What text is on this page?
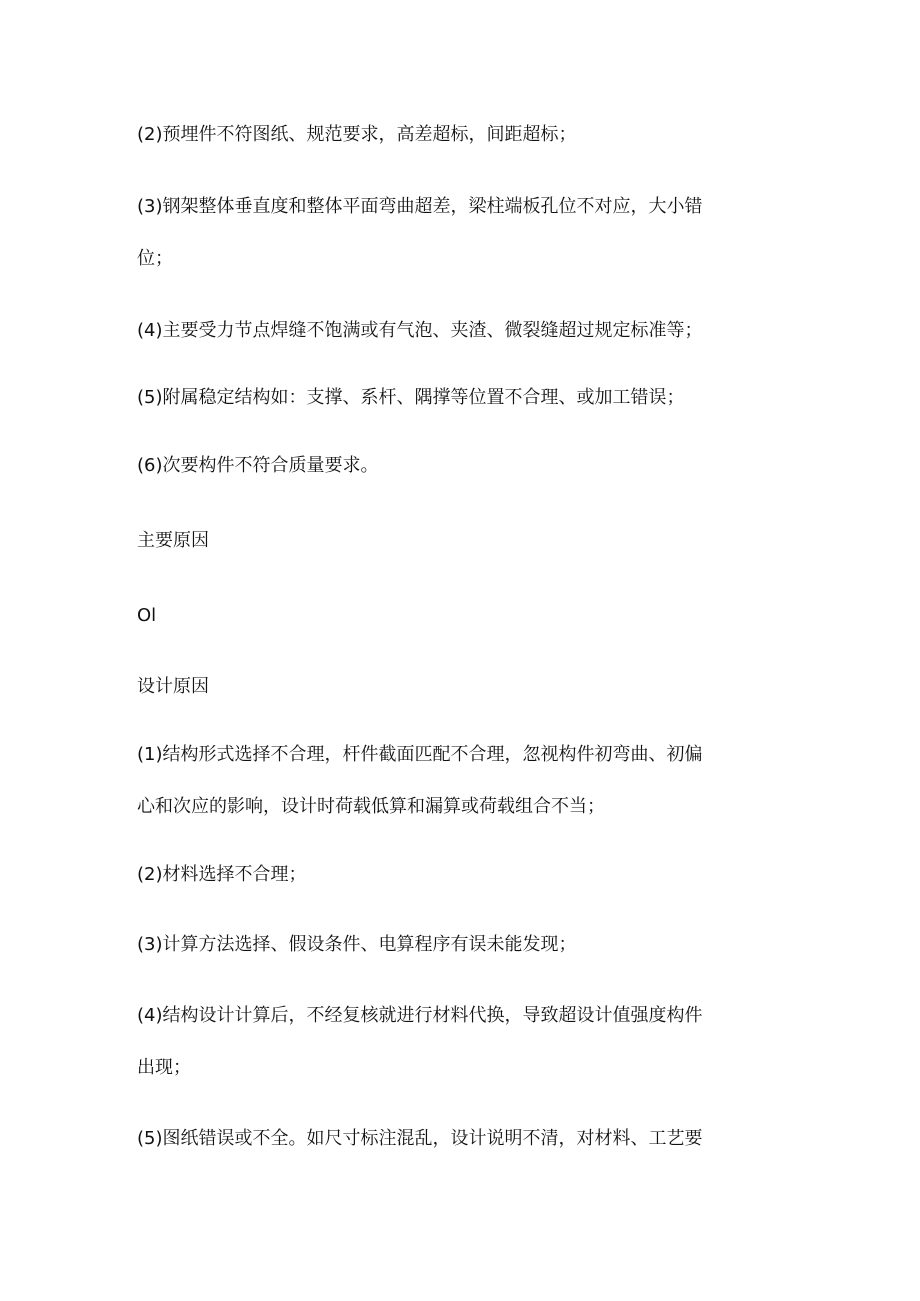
(2)预埋件不符图纸、规范要求，高差超标，间距超标；

(3)钢架整体垂直度和整体平面弯曲超差，梁柱端板孔位不对应，大小错
位；

(4)主要受力节点焊缝不饱满或有气泡、夹渣、微裂缝超过规定标准等；

(5)附属稳定结构如：支撑、系杆、隅撑等位置不合理、或加工错误；

(6)次要构件不符合质量要求。

主要原因

Ol

设计原因

(1)结构形式选择不合理，杆件截面匹配不合理，忽视构件初弯曲、初偏
心和次应的影响，设计时荷载低算和漏算或荷载组合不当；

(2)材料选择不合理；

(3)计算方法选择、假设条件、电算程序有误未能发现；

(4)结构设计计算后，不经复核就进行材料代换，导致超设计值强度构件
出现；

(5)图纸错误或不全。如尺寸标注混乱，设计说明不清，对材料、工艺要
